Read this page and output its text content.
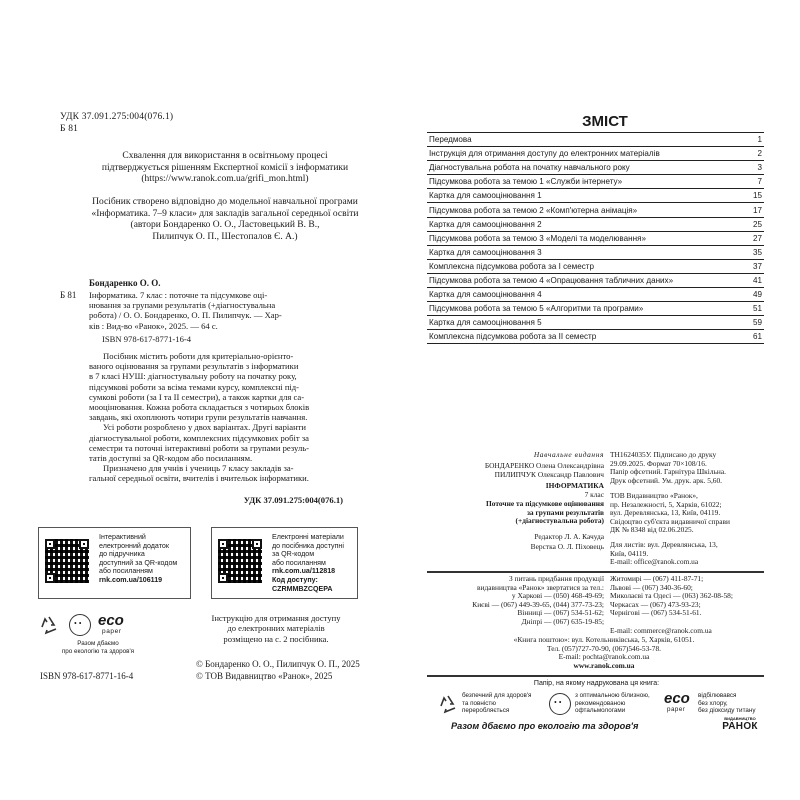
УДК 37.091.275:004(076.1)
Б 81
Схвалення для використання в освітньому процесі
підтверджується рішенням Експертної комісії з інформатики
(https://www.ranok.com.ua/grifi_mon.html)
Посібник створено відповідно до модельної навчальної програми
«Інформатика. 7–9 класи» для закладів загальної середньої освіти
(автори Бондаренко О. О., Ластовецький В. В.,
Пилипчук О. П., Шестопалов Є. А.)
Бондаренко О. О.
Б 81 Інформатика. 7 клас : поточне та підсумкове оці-
нювання за групами результатів (+діагностувальна
робота) / О. О. Бондаренко, О. П. Пилипчук. — Хар-
ків : Вид-во «Ранок», 2025. — 64 с.
ISBN 978-617-8771-16-4
Посібник містить роботи для критеріально-орієнто-
ваного оцінювання за групами результатів з інформатики
в 7 класі НУШ: діагностувальну роботу на початку року,
підсумкові роботи за всіма темами курсу, комплексні під-
сумкові роботи (за I та II семестри), а також картки для са-
мооцінювання. Кожна робота складається з чотирьох блоків
завдань, які охоплюють чотири групи результатів навчання.
Усі роботи розроблено у двох варіантах. Другі варіанти
діагностувальної роботи, комплексних підсумкових робіт за
семестри та поточні інтерактивні роботи за групами резуль-
татів доступні за QR-кодом або посиланням.
Призначено для учнів і учениць 7 класу закладів за-
гальної середньої освіти, вчителів і вчительок інформатики.
УДК 37.091.275:004(076.1)
Інтерактивний
електронний додаток
до підручника
доступний за QR-кодом
або посиланням
rnk.com.ua/106119
Електронні матеріали
до посібника доступні
за QR-кодом
або посиланням
rnk.com.ua/112818
Код доступу: CZRMMBZCQEPA
• • eco
paper
Разом дбаємо
про екологію та здоров'я
Інструкцію для отримання доступу
до електронних матеріалів
розміщено на с. 2 посібника.
ISBN 978-617-8771-16-4
© Бондаренко О. О., Пилипчук О. П., 2025
© ТОВ Видавництво «Ранок», 2025
ЗМІСТ
Передмова	1
Інструкція для отримання доступу до електронних матеріалів	2
Діагностувальна робота на початку навчального року	3
Підсумкова робота за темою 1 «Служби інтернету»	7
Картка для самооцінювання 1	15
Підсумкова робота за темою 2 «Комп'ютерна анімація»	17
Картка для самооцінювання 2	25
Підсумкова робота за темою 3 «Моделі та моделювання»	27
Картка для самооцінювання 3	35
Комплексна підсумкова робота за I семестр	37
Підсумкова робота за темою 4 «Опрацювання табличних даних»	41
Картка для самооцінювання 4	49
Підсумкова робота за темою 5 «Алгоритми та програми»	51
Картка для самооцінювання 5	59
Комплексна підсумкова робота за II семестр	61
Навчальне видання
БОНДАРЕНКО Олена Олександрівна
ПИЛИПЧУК Олександр Павлович
ІНФОРМАТИКА
7 клас
Поточне та підсумкове оцінювання
за групами результатів
(+діагностувальна робота)
Редактор Л. А. Качуда
Верстка О. Л. Піховець
ТН1624035У. Підписано до друку
29.09.2025. Формат 70×108/16.
Папір офсетний. Гарнітура Шкільна.
Друк офсетний. Ум. друк. арк. 5,60.
ТОВ Видавництво «Ранок»,
пр. Незалежності, 5, Харків, 61022;
вул. Деревлянська, 13, Київ, 04119.
Свідоцтво суб'єкта видавничої справи
ДК № 8348 від 02.06.2025.
Для листів: вул. Деревлянська, 13,
Київ, 04119.
E-mail: office@ranok.com.ua
З питань придбання продукції
видавництва «Ранок» звертатися за тел.:
у Харкові — (050) 468-49-69;
Києві — (067) 449-39-65, (044) 377-73-23;
Вінниці — (067) 534-51-62;
Дніпрі — (067) 635-19-85;
Житомирі — (067) 411-87-71;
Львові — (067) 340-36-60;
Миколаєві та Одесі — (063) 362-08-58;
Черкасах — (067) 473-93-23;
Чернігові — (067) 534-51-61.
E-mail: commerce@ranok.com.ua
«Книга поштою»: вул. Котельниківська, 5, Харків, 61051.
Тел. (057)727-70-90, (067)546-53-78.
E-mail: pochta@ranok.com.ua
www.ranok.com.ua
Папір, на якому надрукована ця книга:
безпечний для здоров'я
та повністю
переробляється
• •
з оптимальною білизною,
рекомендованою
офтальмологами
eco
paper
відбілювався
без хлору,
без діоксиду титану
Разом дбаємо про екологію та здоров'я
ВИДАВНИЦТВО
РАНОК
